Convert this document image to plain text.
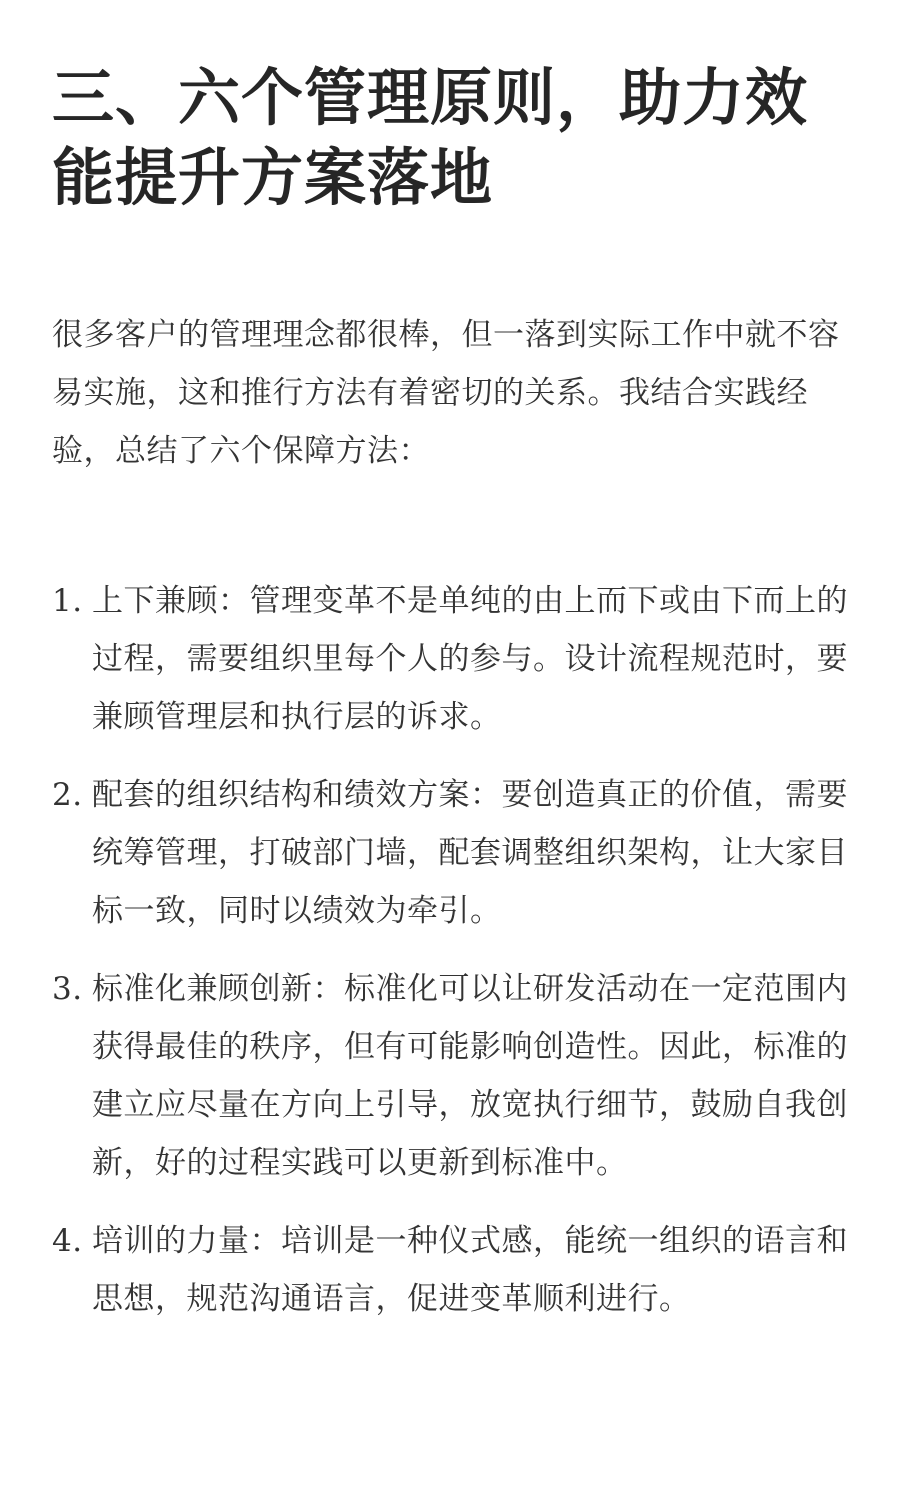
三、六个管理原则，助力效能提升方案落地

很多客户的管理理念都很棒，但一落到实际工作中就不容易实施，这和推行方法有着密切的关系。我结合实践经验，总结了六个保障方法：

1. 上下兼顾：管理变革不是单纯的由上而下或由下而上的过程，需要组织里每个人的参与。设计流程规范时，要兼顾管理层和执行层的诉求。
2. 配套的组织结构和绩效方案：要创造真正的价值，需要统筹管理，打破部门墙，配套调整组织架构，让大家目标一致，同时以绩效为牵引。
3. 标准化兼顾创新：标准化可以让研发活动在一定范围内获得最佳的秩序，但有可能影响创造性。因此，标准的建立应尽量在方向上引导，放宽执行细节，鼓励自我创新，好的过程实践可以更新到标准中。
4. 培训的力量：培训是一种仪式感，能统一组织的语言和思想，规范沟通语言，促进变革顺利进行。
